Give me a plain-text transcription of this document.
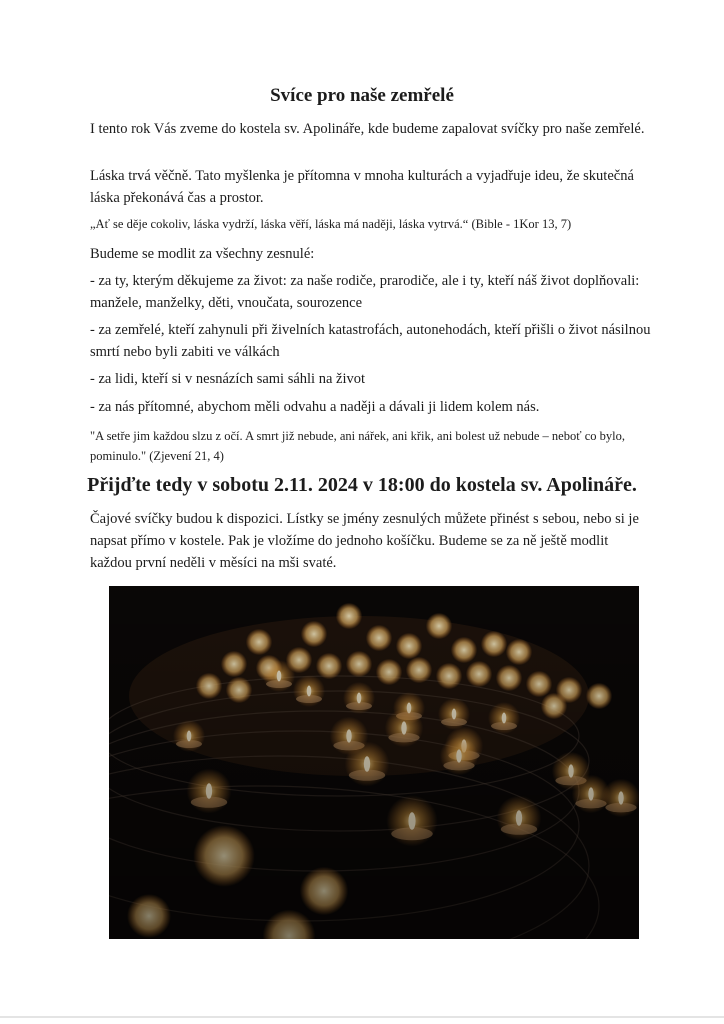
Svíce pro naše zemřelé

I tento rok Vás zveme do kostela sv. Apolináře, kde budeme zapalovat svíčky pro naše zemřelé.

Láska trvá věčně. Tato myšlenka je přítomna v mnoha kulturách a vyjadřuje ideu, že skutečná láska překonává čas a prostor.

„Ať se děje cokoliv, láska vydrží, láska věří, láska má naději, láska vytrvá.“ (Bible - 1Kor 13, 7)

Budeme se modlit za všechny zesnulé:

- za ty, kterým děkujeme za život: za naše rodiče, prarodiče, ale i ty, kteří náš život doplňovali: manžele, manželky, děti, vnoučata, sourozence

- za zemřelé, kteří zahynuli při živelních katastrofách, autonehodách, kteří přišli o život násilnou smrtí nebo byli zabiti ve válkách

- za lidi, kteří si v nesnázích sami sáhli na život

- za nás přítomné, abychom měli odvahu a naději a dávali ji lidem kolem nás.

"A setře jim každou slzu z očí. A smrt již nebude, ani nářek, ani křik, ani bolest už nebude – neboť co bylo, pominulo." (Zjevení 21, 4)

Přijďte tedy v sobotu 2.11. 2024 v 18:00 do kostela sv. Apolináře.

Čajové svíčky budou k dispozici. Lístky se jmény zesnulých můžete přinést s sebou, nebo si je napsat přímo v kostele. Pak je vložíme do jednoho košíčku. Budeme se za ně ještě modlit každou první neděli v měsíci na mši svaté.
